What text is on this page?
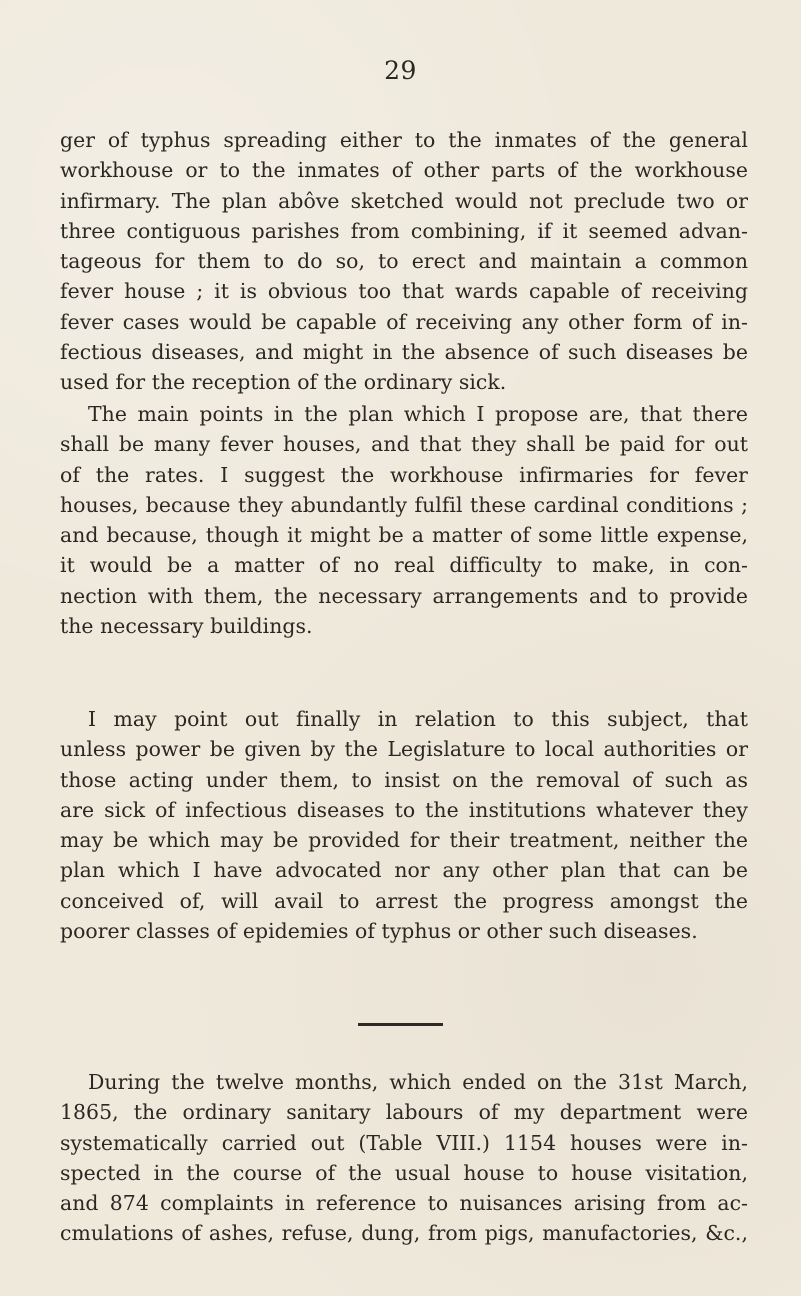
29

ger of typhus spreading either to the inmates of the general
workhouse or to the inmates of other parts of the workhouse
infirmary. The plan abôve sketched would not preclude two or
three contiguous parishes from combining, if it seemed advan-
tageous for them to do so, to erect and maintain a common
fever house ; it is obvious too that wards capable of receiving
fever cases would be capable of receiving any other form of in-
fectious diseases, and might in the absence of such diseases be
used for the reception of the ordinary sick.

The main points in the plan which I propose are, that there
shall be many fever houses, and that they shall be paid for out
of the rates. I suggest the workhouse infirmaries for fever
houses, because they abundantly fulfil these cardinal conditions ;
and because, though it might be a matter of some little expense,
it would be a matter of no real difficulty to make, in con-
nection with them, the necessary arrangements and to provide
the necessary buildings.

I may point out finally in relation to this subject, that
unless power be given by the Legislature to local authorities or
those acting under them, to insist on the removal of such as
are sick of infectious diseases to the institutions whatever they
may be which may be provided for their treatment, neither the
plan which I have advocated nor any other plan that can be
conceived of, will avail to arrest the progress amongst the
poorer classes of epidemies of typhus or other such diseases.

During the twelve months, which ended on the 31st March,
1865, the ordinary sanitary labours of my department were
systematically carried out (Table VIII.) 1154 houses were in-
spected in the course of the usual house to house visitation,
and 874 complaints in reference to nuisances arising from ac-
cmulations of ashes, refuse, dung, from pigs, manufactories, &c.,
